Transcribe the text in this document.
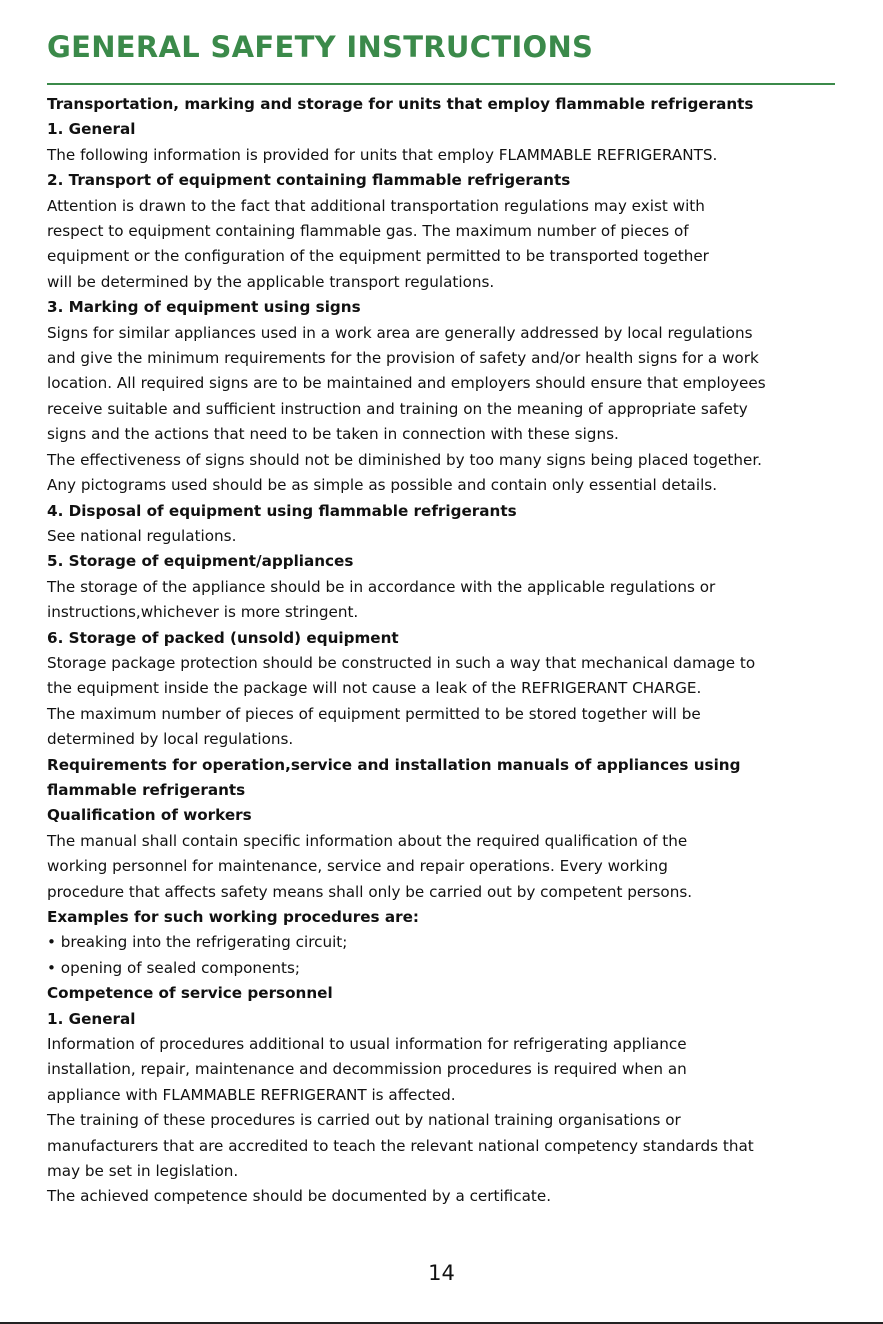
GENERAL SAFETY INSTRUCTIONS

Transportation, marking and storage for units that employ flammable refrigerants

1. General

The following information is provided for units that employ FLAMMABLE REFRIGERANTS.

2. Transport of equipment containing flammable refrigerants

Attention is drawn to the fact that additional transportation regulations may exist with

respect to equipment containing flammable gas. The maximum number of pieces of

equipment or the configuration of the equipment permitted to be transported together

will be determined by the applicable transport regulations.

3. Marking of equipment using signs

Signs for similar appliances used in a work area are generally addressed by local regulations

and give the minimum requirements for the provision of safety and/or health signs for a work

location. All required signs are to be maintained and employers should ensure that employees

receive suitable and sufficient instruction and training on the meaning of appropriate safety

signs and the actions that need to be taken in connection with these signs.

The effectiveness of signs should not be diminished by too many signs being placed together.

Any pictograms used should be as simple as possible and contain only essential details.

4. Disposal of equipment using flammable refrigerants

See national regulations.

5. Storage of equipment/appliances

The storage of the appliance should be in accordance with the applicable regulations or

instructions,whichever is more stringent.

6. Storage of packed (unsold) equipment

Storage package protection should be constructed in such a way that mechanical damage to

the equipment inside the package will not cause a leak of the REFRIGERANT CHARGE.

The maximum number of pieces of equipment permitted to be stored together will be

determined by local regulations.

Requirements for operation,service and installation manuals of appliances using

flammable refrigerants

Qualification of workers

The manual shall contain specific information about the required qualification of the

working personnel for maintenance, service and repair operations. Every working

procedure that affects safety means shall only be carried out by competent persons.

Examples for such working procedures are:

• breaking into the refrigerating circuit;

• opening of sealed components;

Competence of service personnel

1. General

Information of procedures additional to usual information for refrigerating appliance

installation, repair, maintenance and decommission procedures is required when an

appliance with FLAMMABLE REFRIGERANT is affected.

The training of these procedures is carried out by national training organisations or

manufacturers that are accredited to teach the relevant national competency standards that

may be set in legislation.

The achieved competence should be documented by a certificate.

14
